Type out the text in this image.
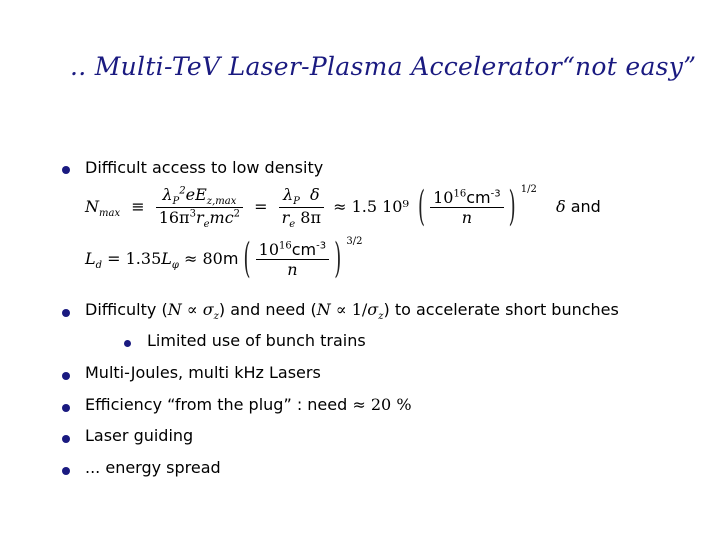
.. Multi-TeV Laser-Plasma Accelerator“not easy”
Difficult access to low density
$N_{max} \equiv \frac{\lambda_P^2eE_{z,max}}{16\pi^3r_emc^2} = \frac{\lambda_P \delta}{r_e 8\pi} \approx 1.5$ 10⁹ ( $\frac{10^{16}cm^{-3}}{n}$ ) $^{1/2}$ δ and
$L_d = 1.35L_\varphi \approx 80m$ ( $\frac{10^{16}cm^{-3}}{n}$ ) $^{3/2}$
Difficulty $(N \propto \sigma_z)$ and need $(N \propto 1/\sigma_z)$ to accelerate short bunches
Limited use of bunch trains
Multi-Joules, multi kHz Lasers
Efficiency “from the plug” : need ≈ 20 %
Laser guiding
... energy spread
